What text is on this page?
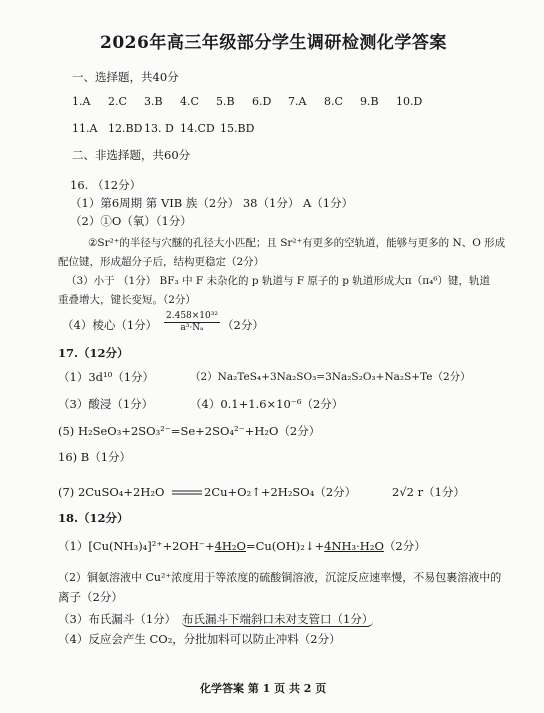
2026年高三年级部分学生调研检测化学答案
一、选择题，共40分
1.A	2.C	3.B	4.C	5.B	6.D	7.A	8.C	9.B	10.D
11.A 12.BD 13. D 14.CD 15.BD
二、非选择题，共60分
16. （12分）
（1）第6周期 第 VIB 族（2分） 38（1分） A（1分）
（2）①O（氧）（1分）
②Sr²⁺的半径与穴醚的孔径大小匹配；且 Sr²⁺有更多的空轨道，能够与更多的 N、O 形成
配位键，形成超分子后，结构更稳定（2分）
（3）小于 （1分） BF₃ 中 F 未杂化的 p 轨道与 F 原子的 p 轨道形成大π（π₄⁶）键，轨道
重叠增大，键长变短。（2分）
（4）棱心（1分） $\frac{\text{2.458×10³²}}{\text{a³·Nₐ}} (2$分）
17.（12分）
（1）3d¹⁰（1分）	（2）Na₂TeS₄+3Na₂SO₃=3Na₂S₂O₃+Na₂S+Te（2分）
（3）酸浸（1分）	（4）0.1+1.6×10⁻⁶（2分）
(5) H₂SeO₃+2SO₃²⁻=Se+2SO₄²⁻+H₂O（2分）
16) B（1分）
(7) 2CuSO₄+2H₂O	2Cu+O₂↑+2H₂SO₄（2分）	2√2 r（1分）
18.（12分）
（1）[Cu(NH₃)₄]²⁺+2OH⁻+4H₂O=Cu(OH)₂↓+4NH₃·H₂O（2分）
（2）铜氨溶液中 Cu²⁺浓度用于等浓度的硫酸铜溶液，沉淀反应速率慢，不易包裹溶液中的
离子（2分）
（3）布氏漏斗（1分） 布氏漏斗下端斜口未对支管口（1分）
（4）反应会产生 CO₂，分批加料可以防止冲料（2分）
化学答案 第 1 页 共 2 页
